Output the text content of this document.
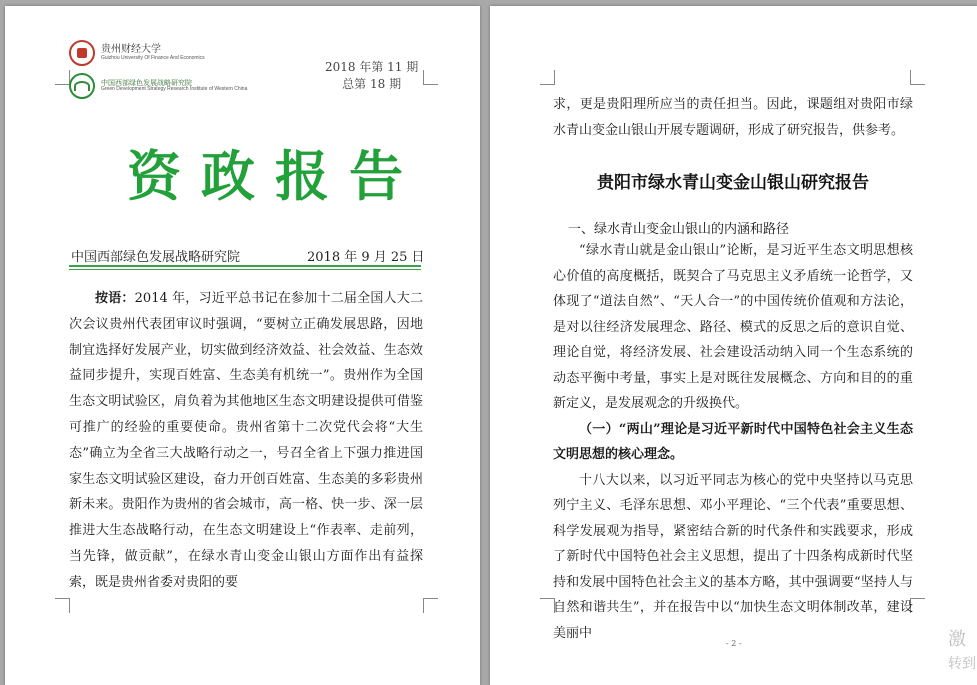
贵州财经大学
Guizhou University Of Finance And Economics
中国西部绿色发展战略研究院
Green Development Strategy Research Institute of Western China
2018 年第 11 期
总第 18 期
资政报告
中国西部绿色发展战略研究院	2018 年 9 月 25 日

按语：2014 年，习近平总书记在参加十二届全国人大二次会议贵州代表团审议时强调，“要树立正确发展思路，因地制宜选择好发展产业，切实做到经济效益、社会效益、生态效益同步提升，实现百姓富、生态美有机统一”。贵州作为全国生态文明试验区，肩负着为其他地区生态文明建设提供可借鉴可推广的经验的重要使命。贵州省第十二次党代会将“大生态”确立为全省三大战略行动之一，号召全省上下强力推进国家生态文明试验区建设，奋力开创百姓富、生态美的多彩贵州新未来。贵阳作为贵州的省会城市，高一格、快一步、深一层推进大生态战略行动，在生态文明建设上“作表率、走前列，当先锋，做贡献”，在绿水青山变金山银山方面作出有益探索，既是贵州省委对贵阳的要

求，更是贵阳理所应当的责任担当。因此，课题组对贵阳市绿水青山变金山银山开展专题调研，形成了研究报告，供参考。

贵阳市绿水青山变金山银山研究报告
一、绿水青山变金山银山的内涵和路径

“绿水青山就是金山银山”论断，是习近平生态文明思想核心价值的高度概括，既契合了马克思主义矛盾统一论哲学，又体现了“道法自然”、“天人合一”的中国传统价值观和方法论，是对以往经济发展理念、路径、模式的反思之后的意识自觉、理论自觉，将经济发展、社会建设活动纳入同一个生态系统的动态平衡中考量，事实上是对既往发展概念、方向和目的的重新定义，是发展观念的升级换代。

（一）“两山”理论是习近平新时代中国特色社会主义生态文明思想的核心理念。

十八大以来，以习近平同志为核心的党中央坚持以马克思列宁主义、毛泽东思想、邓小平理论、“三个代表”重要思想、科学发展观为指导，紧密结合新的时代条件和实践要求，形成了新时代中国特色社会主义思想，提出了十四条构成新时代坚持和发展中国特色社会主义的基本方略，其中强调要“坚持人与自然和谐共生”，并在报告中以“加快生态文明体制改革，建设美丽中

- 2 -	激
转到
